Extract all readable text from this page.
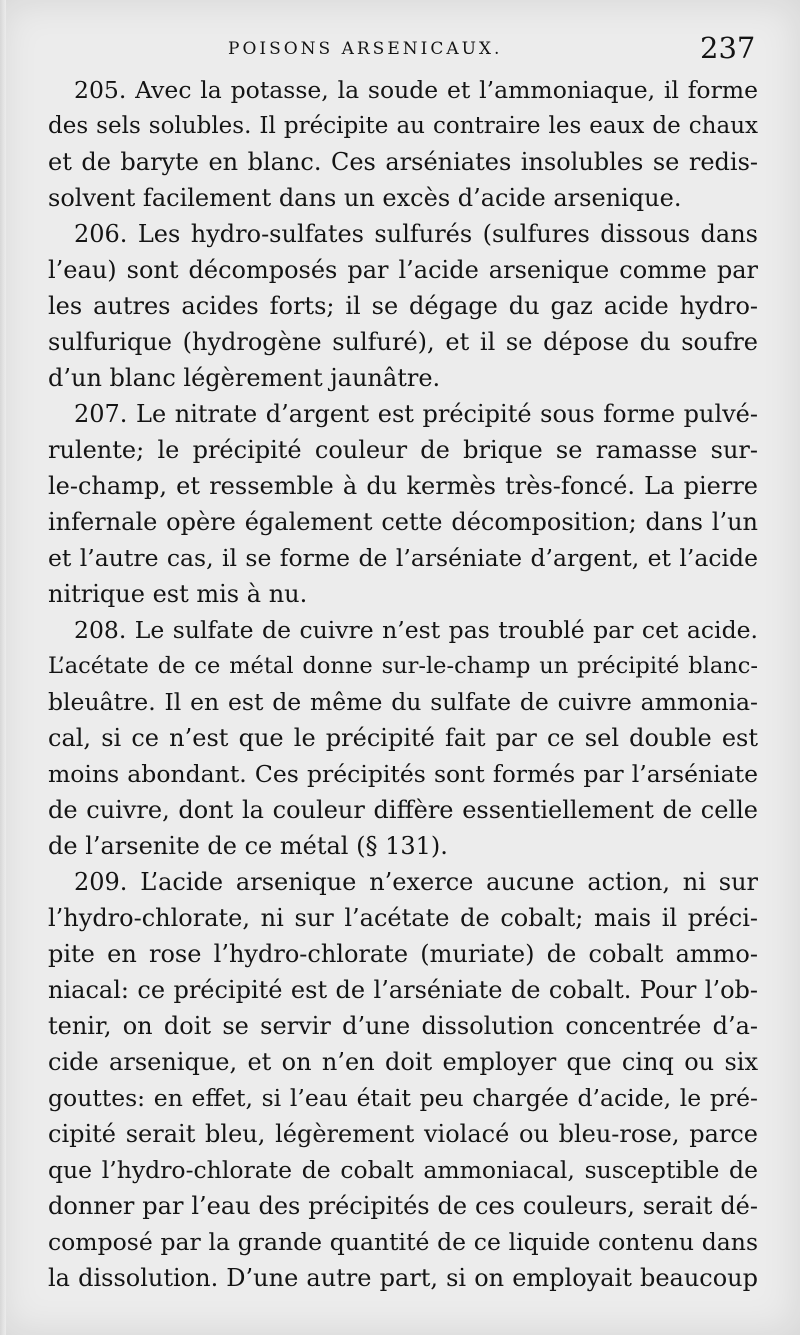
POISONS ARSENICAUX.	237
205. Avec la potasse, la soude et l’ammoniaque, il forme
des sels solubles. Il précipite au contraire les eaux de chaux
et de baryte en blanc. Ces arséniates insolubles se redis-
solvent facilement dans un excès d’acide arsenique.
206. Les hydro-sulfates sulfurés (sulfures dissous dans
l’eau) sont décomposés par l’acide arsenique comme par
les autres acides forts; il se dégage du gaz acide hydro-
sulfurique (hydrogène sulfuré), et il se dépose du soufre
d’un blanc légèrement jaunâtre.
207. Le nitrate d’argent est précipité sous forme pulvé-
rulente; le précipité couleur de brique se ramasse sur-
le-champ, et ressemble à du kermès très-foncé. La pierre
infernale opère également cette décomposition; dans l’un
et l’autre cas, il se forme de l’arséniate d’argent, et l’acide
nitrique est mis à nu.
208. Le sulfate de cuivre n’est pas troublé par cet acide.
L’acétate de ce métal donne sur-le-champ un précipité blanc-
bleuâtre. Il en est de même du sulfate de cuivre ammonia-
cal, si ce n’est que le précipité fait par ce sel double est
moins abondant. Ces précipités sont formés par l’arséniate
de cuivre, dont la couleur diffère essentiellement de celle
de l’arsenite de ce métal (§ 131).
209. L’acide arsenique n’exerce aucune action, ni sur
l’hydro-chlorate, ni sur l’acétate de cobalt; mais il préci-
pite en rose l’hydro-chlorate (muriate) de cobalt ammo-
niacal: ce précipité est de l’arséniate de cobalt. Pour l’ob-
tenir, on doit se servir d’une dissolution concentrée d’a-
cide arsenique, et on n’en doit employer que cinq ou six
gouttes: en effet, si l’eau était peu chargée d’acide, le pré-
cipité serait bleu, légèrement violacé ou bleu-rose, parce
que l’hydro-chlorate de cobalt ammoniacal, susceptible de
donner par l’eau des précipités de ces couleurs, serait dé-
composé par la grande quantité de ce liquide contenu dans
la dissolution. D’une autre part, si on employait beaucoup
